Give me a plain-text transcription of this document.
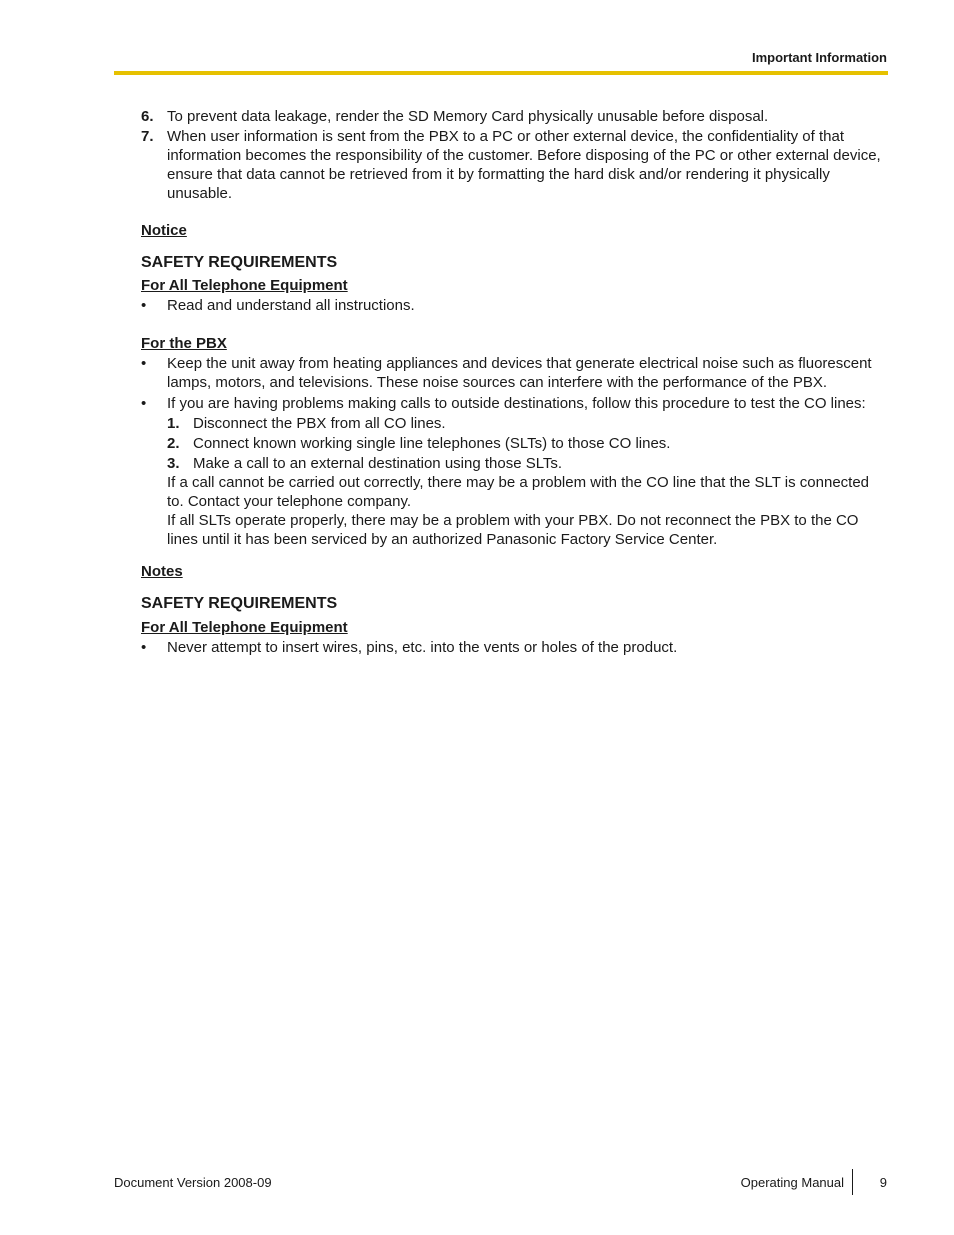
Important Information
6. To prevent data leakage, render the SD Memory Card physically unusable before disposal.
7. When user information is sent from the PBX to a PC or other external device, the confidentiality of that information becomes the responsibility of the customer. Before disposing of the PC or other external device, ensure that data cannot be retrieved from it by formatting the hard disk and/or rendering it physically unusable.
Notice
SAFETY REQUIREMENTS
For All Telephone Equipment
•	Read and understand all instructions.
For the PBX
•	Keep the unit away from heating appliances and devices that generate electrical noise such as fluorescent lamps, motors, and televisions. These noise sources can interfere with the performance of the PBX.
•	If you are having problems making calls to outside destinations, follow this procedure to test the CO lines:
1. Disconnect the PBX from all CO lines.
2. Connect known working single line telephones (SLTs) to those CO lines.
3. Make a call to an external destination using those SLTs.
If a call cannot be carried out correctly, there may be a problem with the CO line that the SLT is connected to. Contact your telephone company.
If all SLTs operate properly, there may be a problem with your PBX. Do not reconnect the PBX to the CO lines until it has been serviced by an authorized Panasonic Factory Service Center.
Notes
SAFETY REQUIREMENTS
For All Telephone Equipment
•	Never attempt to insert wires, pins, etc. into the vents or holes of the product.
Document Version 2008-09	Operating Manual	9
